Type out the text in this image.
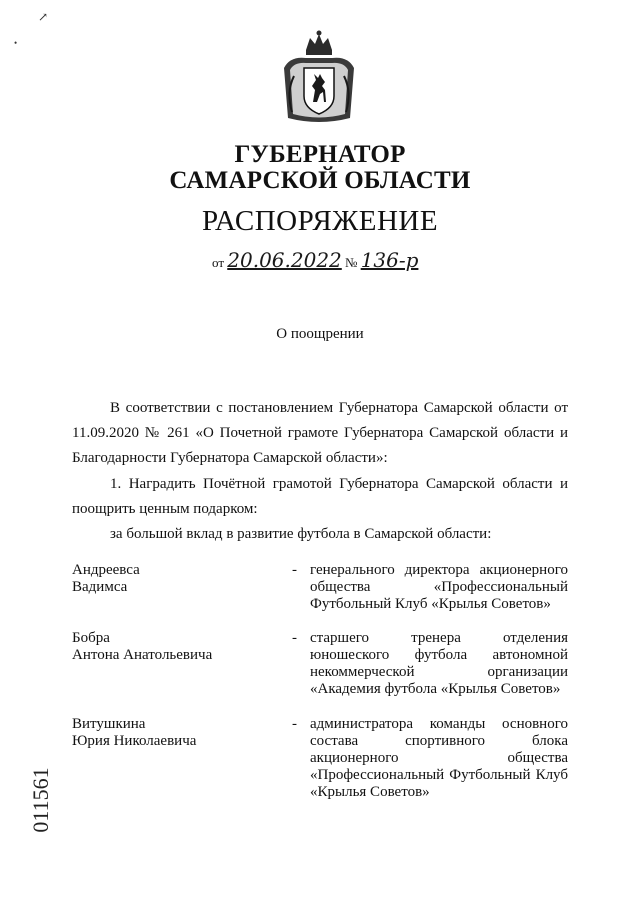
ГУБЕРНАТОР
САМАРСКОЙ ОБЛАСТИ
РАСПОРЯЖЕНИЕ
от 20.06.2022 № 136-р
О поощрении
В соответствии с постановлением Губернатора Самарской области от 11.09.2020 № 261 «О Почетной грамоте Губернатора Самарской области и Благодарности Губернатора Самарской области»:
1. Наградить Почётной грамотой Губернатора Самарской области и поощрить ценным подарком:
за большой вклад в развитие футбола в Самарской области:
Андреевса
Вадимса
- генерального директора акционерного общества «Профессиональный Футбольный Клуб «Крылья Советов»
Бобра
Антона Анатольевича
- старшего тренера отделения юношеского футбола автономной некоммерческой организации «Академия футбола «Крылья Советов»
Витушкина
Юрия Николаевича
- администратора команды основного состава спортивного блока акционерного общества «Профессиональный Футбольный Клуб «Крылья Советов»
011561
↗
•
